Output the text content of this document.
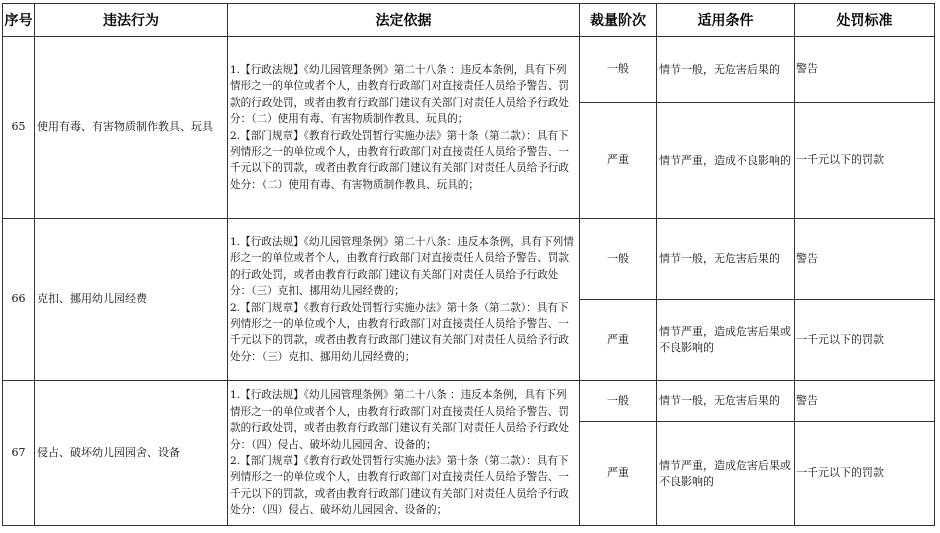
序号	违法行为	法定依据	裁量阶次	适用条件	处罚标准
65	使用有毒、有害物质制作教具、玩具	1.【行政法规】《幼儿园管理条例》第二十八条 ：违反本条例，具有下列情形之一的单位或者个人，由教育行政部门对直接责任人员给予警告、罚款的行政处罚，或者由教育行政部门建议有关部门对责任人员给予行政处分：（二）使用有毒、有害物质制作教具、玩具的；
2.【部门规章】《教育行政处罚暂行实施办法》第十条（第二款）：具有下列情形之一的单位或个人，由教育行政部门对直接责任人员给予警告、一千元以下的罚款，或者由教育行政部门建议有关部门对责任人员给予行政处分：（二）使用有毒、有害物质制作教具、玩具的；	一般	情节一般，无危害后果的	警告
			严重	情节严重，造成不良影响的	一千元以下的罚款
66	克扣、挪用幼儿园经费	1.【行政法规】《幼儿园管理条例》第二十八条：违反本条例，具有下列情形之一的单位或者个人，由教育行政部门对直接责任人员给予警告、罚款的行政处罚，或者由教育行政部门建议有关部门对责任人员给予行政处分：（三）克扣、挪用幼儿园经费的；
2.【部门规章】《教育行政处罚暂行实施办法》第十条（第二款）：具有下列情形之一的单位或个人，由教育行政部门对直接责任人员给予警告、一千元以下的罚款，或者由教育行政部门建议有关部门对责任人员给予行政处分：（三）克扣、挪用幼儿园经费的；	一般	情节一般，无危害后果的	警告
			严重	情节严重，造成危害后果或不良影响的	一千元以下的罚款
67	侵占、破坏幼儿园园舍、设备	1.【行政法规】《幼儿园管理条例》第二十八条 ：违反本条例，具有下列情形之一的单位或者个人，由教育行政部门对直接责任人员给予警告、罚款的行政处罚，或者由教育行政部门建议有关部门对责任人员给予行政处分：（四）侵占、破坏幼儿园园舍、设备的；
2.【部门规章】《教育行政处罚暂行实施办法》第十条（第二款）：具有下列情形之一的单位或个人，由教育行政部门对直接责任人员给予警告、一千元以下的罚款，或者由教育行政部门建议有关部门对责任人员给予行政处分：（四）侵占、破坏幼儿园园舍、设备的；	一般	情节一般，无危害后果的	警告
			严重	情节严重，造成危害后果或不良影响的	一千元以下的罚款
